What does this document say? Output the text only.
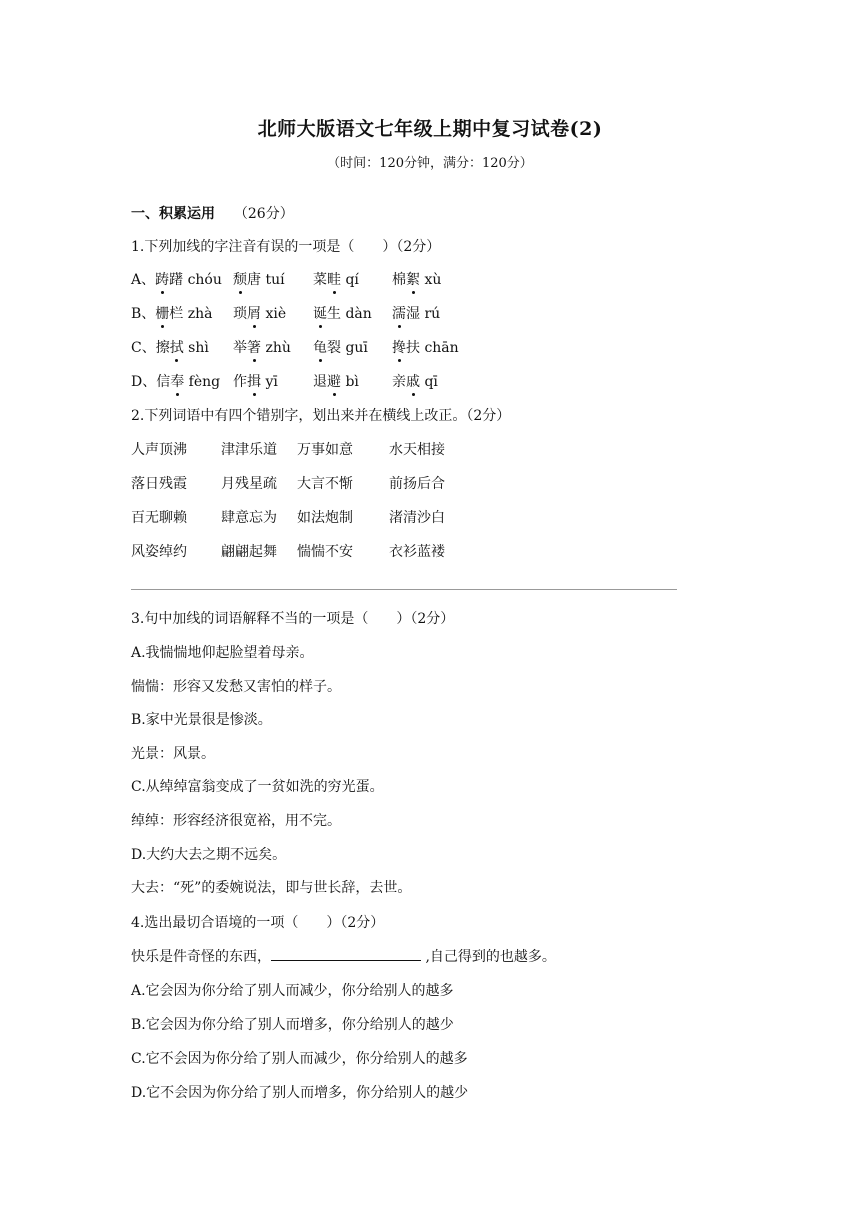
北师大版语文七年级上期中复习试卷(2)
（时间：120分钟，满分：120分）
一、积累运用 （26分）
1.下列加线的字注音有误的一项是（　　）（2分）
A、踌躇 chóu 颓唐 tuí 菜畦 qí 棉絮 xù
B、栅栏 zhà 琐屑 xiè 诞生 dàn 濡湿 rú
C、擦拭 shì 举箸 zhù 龟裂 guī 搀扶 chān
D、信奉 fèng 作揖 yī	退避 bì 亲戚 qī
2.下列词语中有四个错别字，划出来并在横线上改正。（2分）
人声顶沸 津津乐道 万事如意	水天相接
落日残霞 月残星疏 大言不惭	前扬后合
百无聊赖 肆意忘为 如法炮制	渚清沙白
风姿绰约 翩翩起舞 惴惴不安	衣衫蓝褛
3.句中加线的词语解释不当的一项是（　　）（2分）
A.我惴惴地仰起脸望着母亲。
惴惴：形容又发愁又害怕的样子。
B.家中光景很是惨淡。
光景：风景。
C.从绰绰富翁变成了一贫如洗的穷光蛋。
绰绰：形容经济很宽裕，用不完。
D.大约大去之期不远矣。
大去：“死”的委婉说法，即与世长辞，去世。
4.选出最切合语境的一项（　　）（2分）
快乐是件奇怪的东西，	,自己得到的也越多。
A.它会因为你分给了别人而减少，你分给别人的越多
B.它会因为你分给了别人而增多，你分给别人的越少
C.它不会因为你分给了别人而减少，你分给别人的越多
D.它不会因为你分给了别人而增多，你分给别人的越少
